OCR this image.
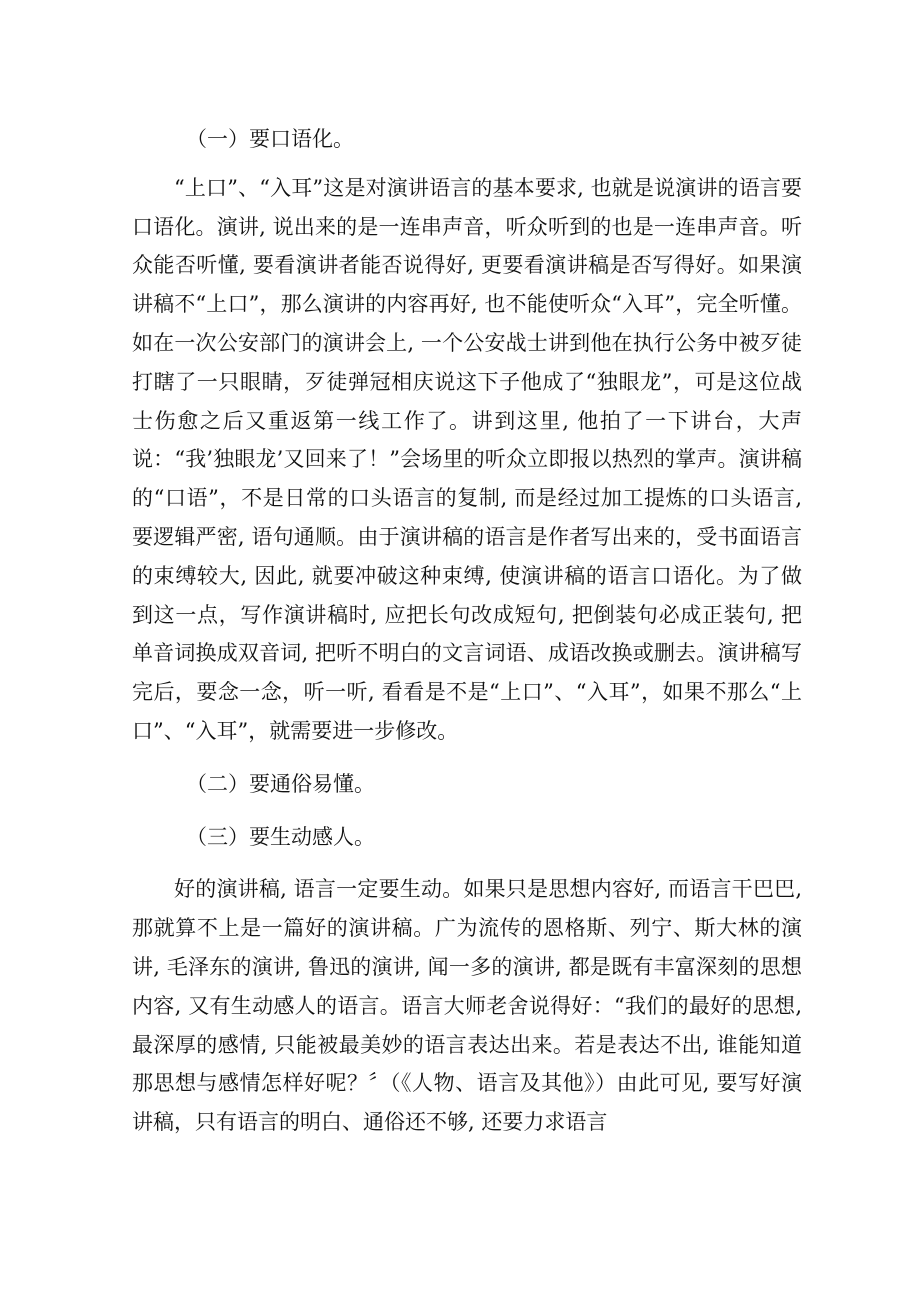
（一）要口语化。

“上口”、“入耳”这是对演讲语言的基本要求, 也就是说演讲的语言要口语化。演讲, 说出来的是一连串声音，听众听到的也是一连串声音。听众能否听懂, 要看演讲者能否说得好, 更要看演讲稿是否写得好。如果演讲稿不“上口”，那么演讲的内容再好, 也不能使听众“入耳”，完全听懂。如在一次公安部门的演讲会上, 一个公安战士讲到他在执行公务中被歹徒打瞎了一只眼睛，歹徒弹冠相庆说这下子他成了“独眼龙”，可是这位战士伤愈之后又重返第一线工作了。讲到这里, 他拍了一下讲台，大声说：“我’独眼龙’又回来了！”会场里的听众立即报以热烈的掌声。演讲稿的“口语”，不是日常的口头语言的复制, 而是经过加工提炼的口头语言, 要逻辑严密, 语句通顺。由于演讲稿的语言是作者写出来的，受书面语言的束缚较大, 因此, 就要冲破这种束缚, 使演讲稿的语言口语化。为了做到这一点，写作演讲稿时, 应把长句改成短句, 把倒装句必成正装句, 把单音词换成双音词, 把听不明白的文言词语、成语改换或删去。演讲稿写完后，要念一念，听一听, 看看是不是“上口”、“入耳”，如果不那么“上口”、“入耳”，就需要进一步修改。

（二）要通俗易懂。

（三）要生动感人。

好的演讲稿, 语言一定要生动。如果只是思想内容好, 而语言干巴巴, 那就算不上是一篇好的演讲稿。广为流传的恩格斯、列宁、斯大林的演讲, 毛泽东的演讲, 鲁迅的演讲, 闻一多的演讲, 都是既有丰富深刻的思想内容, 又有生动感人的语言。语言大师老舍说得好：“我们的最好的思想, 最深厚的感情, 只能被最美妙的语言表达出来。若是表达不出, 谁能知道那思想与感情怎样好呢？〞（《人物、语言及其他》）由此可见, 要写好演讲稿，只有语言的明白、通俗还不够, 还要力求语言
